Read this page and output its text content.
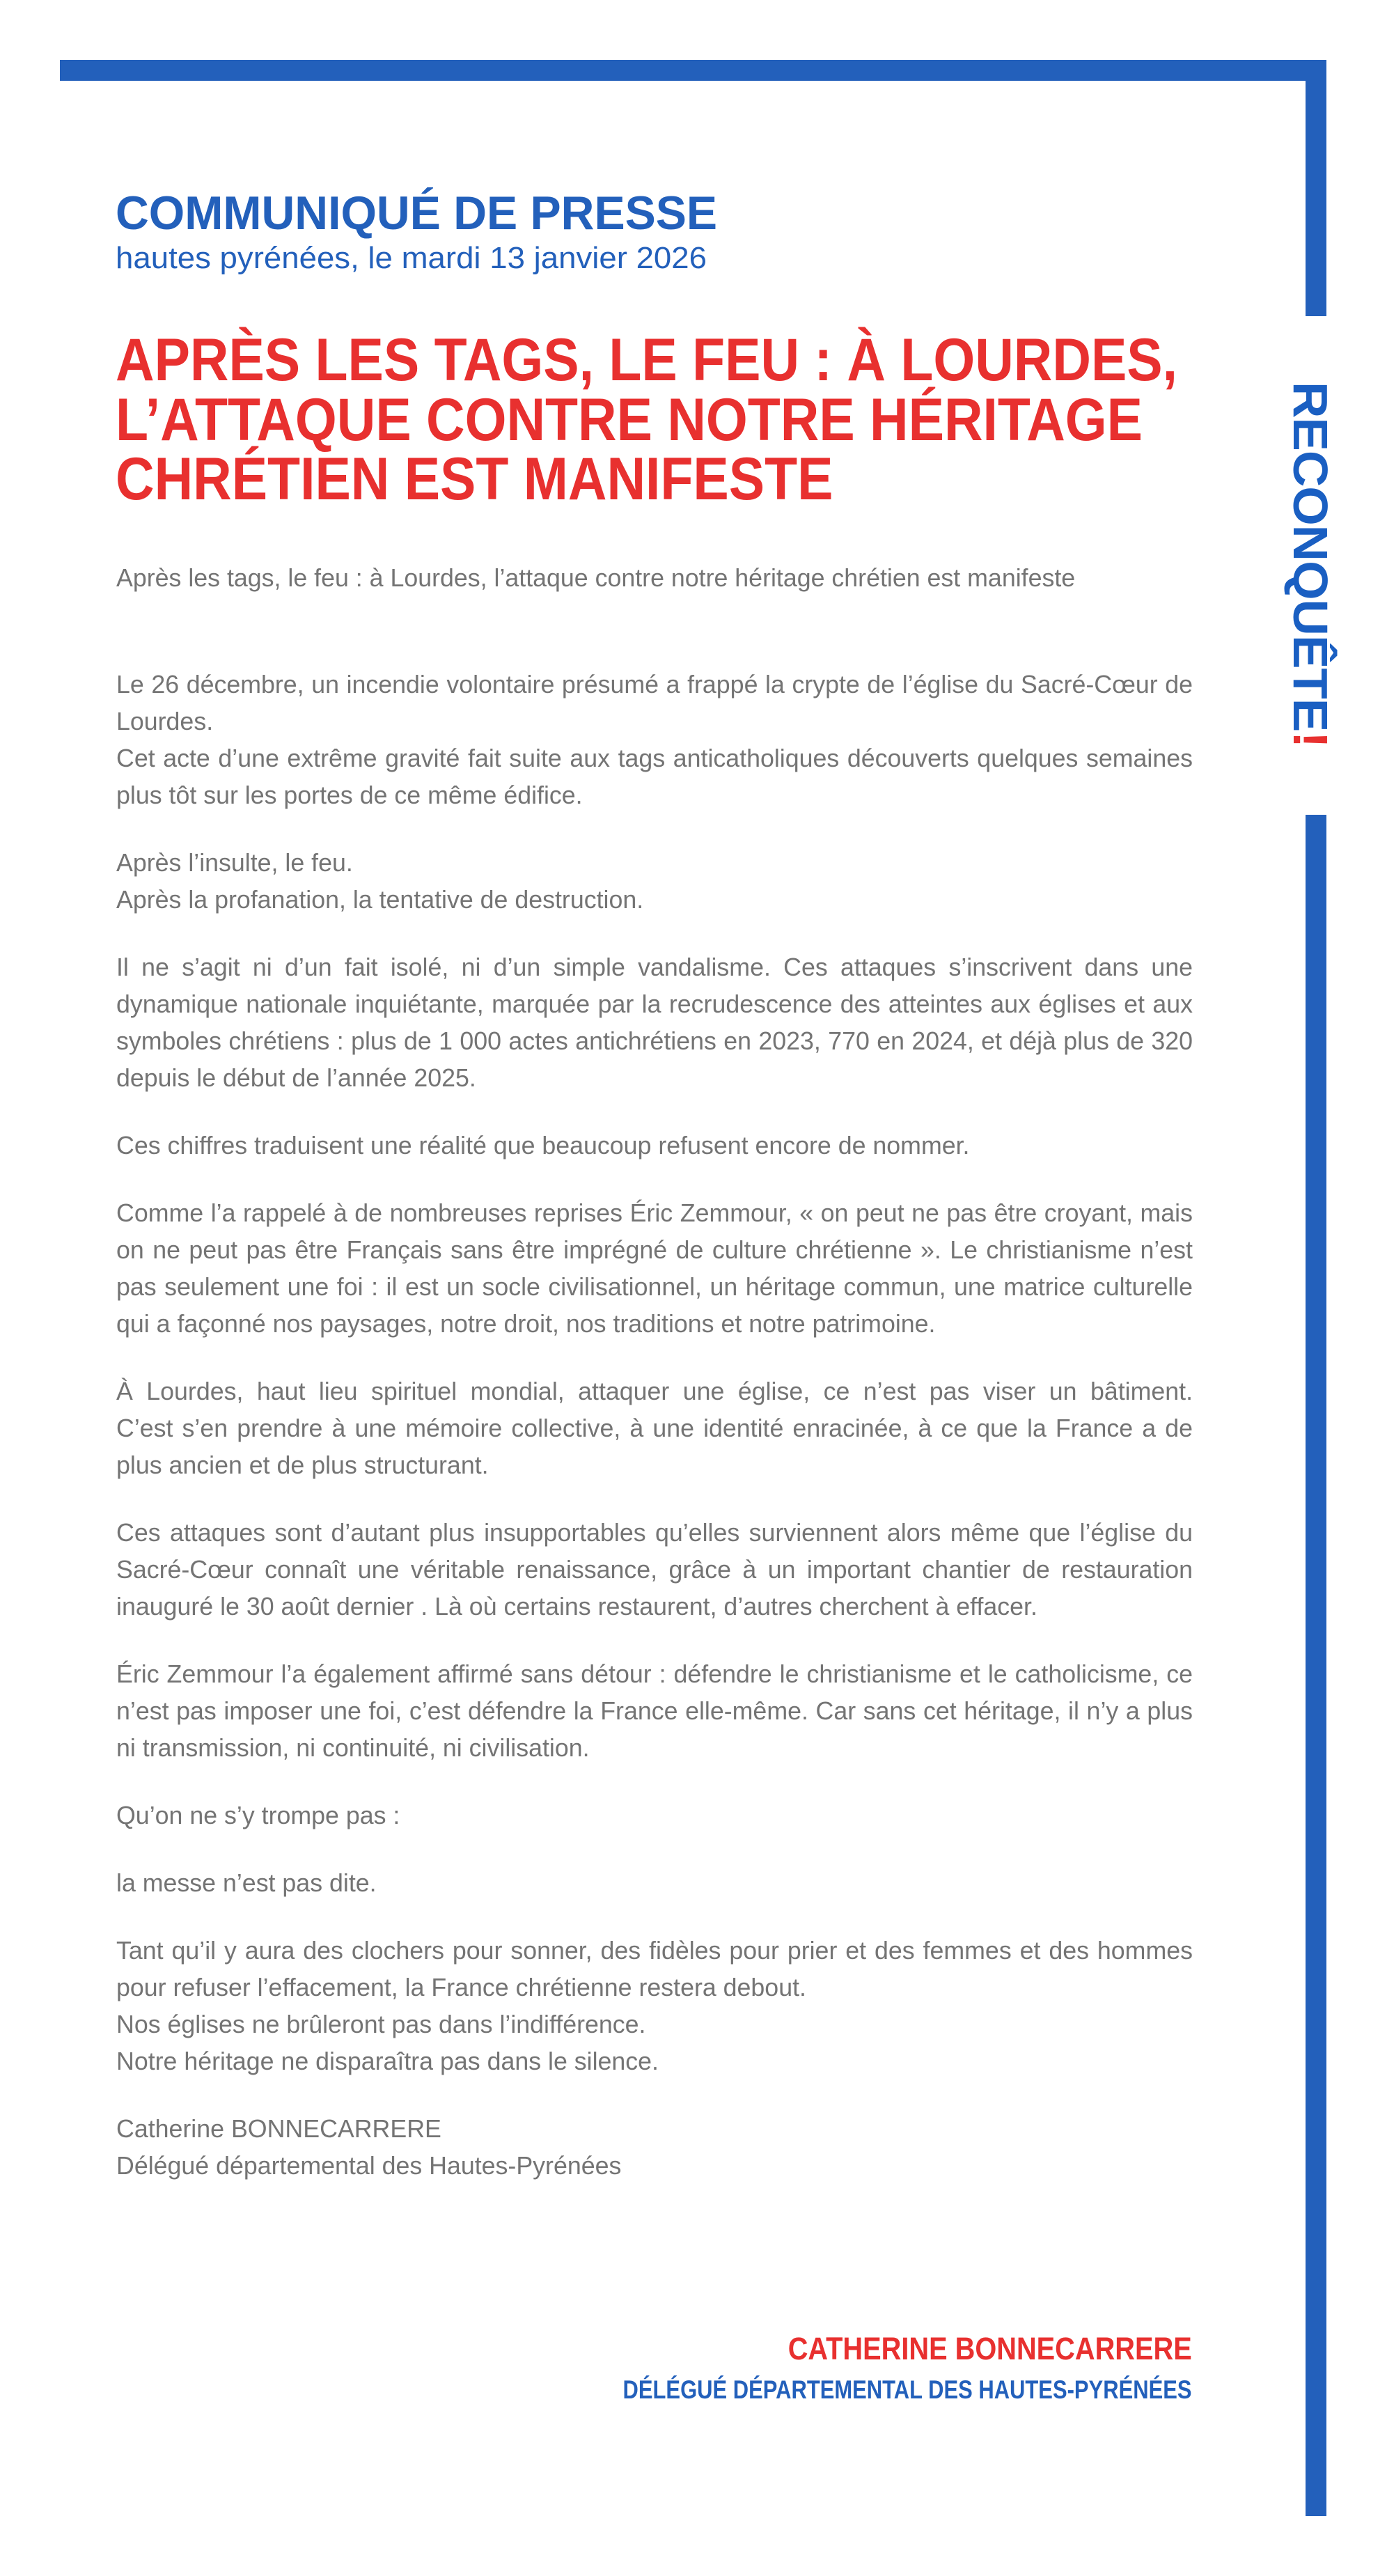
RECONQUÊTE!
COMMUNIQUÉ DE PRESSE
hautes pyrénées, le mardi 13 janvier 2026
APRÈS LES TAGS, LE FEU : À LOURDES,
L’ATTAQUE CONTRE NOTRE HÉRITAGE
CHRÉTIEN EST MANIFESTE
Après les tags, le feu : à Lourdes, l’attaque contre notre héritage chrétien est manifeste
Le 26 décembre, un incendie volontaire présumé a frappé la crypte de l’église du Sacré-Cœur de
Lourdes.
Cet acte d’une extrême gravité fait suite aux tags anticatholiques découverts quelques semaines
plus tôt sur les portes de ce même édifice.
Après l’insulte, le feu.
Après la profanation, la tentative de destruction.
Il ne s’agit ni d’un fait isolé, ni d’un simple vandalisme. Ces attaques s’inscrivent dans une
dynamique nationale inquiétante, marquée par la recrudescence des atteintes aux églises et aux
symboles chrétiens : plus de 1 000 actes antichrétiens en 2023, 770 en 2024, et déjà plus de 320
depuis le début de l’année 2025.
Ces chiffres traduisent une réalité que beaucoup refusent encore de nommer.
Comme l’a rappelé à de nombreuses reprises Éric Zemmour, « on peut ne pas être croyant, mais
on ne peut pas être Français sans être imprégné de culture chrétienne ». Le christianisme n’est
pas seulement une foi : il est un socle civilisationnel, un héritage commun, une matrice culturelle
qui a façonné nos paysages, notre droit, nos traditions et notre patrimoine.
À Lourdes, haut lieu spirituel mondial, attaquer une église, ce n’est pas viser un bâtiment.
C’est s’en prendre à une mémoire collective, à une identité enracinée, à ce que la France a de
plus ancien et de plus structurant.
Ces attaques sont d’autant plus insupportables qu’elles surviennent alors même que l’église du
Sacré-Cœur connaît une véritable renaissance, grâce à un important chantier de restauration
inauguré le 30 août dernier . Là où certains restaurent, d’autres cherchent à effacer.
Éric Zemmour l’a également affirmé sans détour : défendre le christianisme et le catholicisme, ce
n’est pas imposer une foi, c’est défendre la France elle-même. Car sans cet héritage, il n’y a plus
ni transmission, ni continuité, ni civilisation.
Qu’on ne s’y trompe pas :
la messe n’est pas dite.
Tant qu’il y aura des clochers pour sonner, des fidèles pour prier et des femmes et des hommes
pour refuser l’effacement, la France chrétienne restera debout.
Nos églises ne brûleront pas dans l’indifférence.
Notre héritage ne disparaîtra pas dans le silence.
Catherine BONNECARRERE
Délégué départemental des Hautes-Pyrénées
CATHERINE BONNECARRERE
DÉLÉGUÉ DÉPARTEMENTAL DES HAUTES-PYRÉNÉES
